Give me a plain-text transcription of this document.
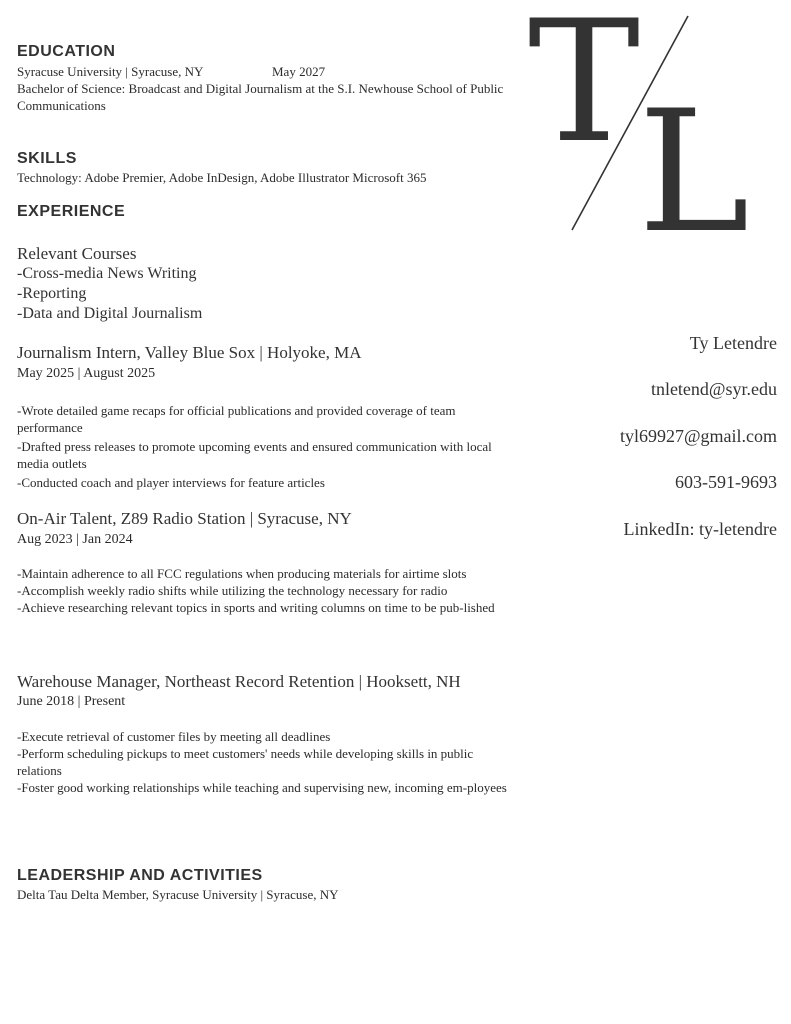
EDUCATION
Syracuse University | Syracuse, NY	May 2027
Bachelor of Science: Broadcast and Digital Journalism at the S.I. Newhouse School of Public Communications
SKILLS
Technology: Adobe Premier, Adobe InDesign, Adobe Illustrator Microsoft 365
EXPERIENCE
Relevant Courses
-Cross-media News Writing
-Reporting
-Data and Digital Journalism
Journalism Intern, Valley Blue Sox | Holyoke, MA
May 2025 | August 2025
-Wrote detailed game recaps for official publications and provided coverage of team performance
-Drafted press releases to promote upcoming events and ensured communication with local media outlets
-Conducted coach and player interviews for feature articles
On-Air Talent, Z89 Radio Station | Syracuse, NY
Aug 2023 | Jan 2024
-Maintain adherence to all FCC regulations when producing materials for airtime slots
-Accomplish weekly radio shifts while utilizing the technology necessary for radio
-Achieve researching relevant topics in sports and writing columns on time to be pub-lished
Warehouse Manager, Northeast Record Retention | Hooksett, NH
June 2018 | Present
-Execute retrieval of customer files by meeting all deadlines
-Perform scheduling pickups to meet customers' needs while developing skills in public relations
-Foster good working relationships while teaching and supervising new, incoming em-ployees
LEADERSHIP AND ACTIVITIES
Delta Tau Delta Member, Syracuse University | Syracuse, NY
T
L
Ty Letendre
tnletend@syr.edu
tyl69927@gmail.com
603-591-9693
LinkedIn: ty-letendre
